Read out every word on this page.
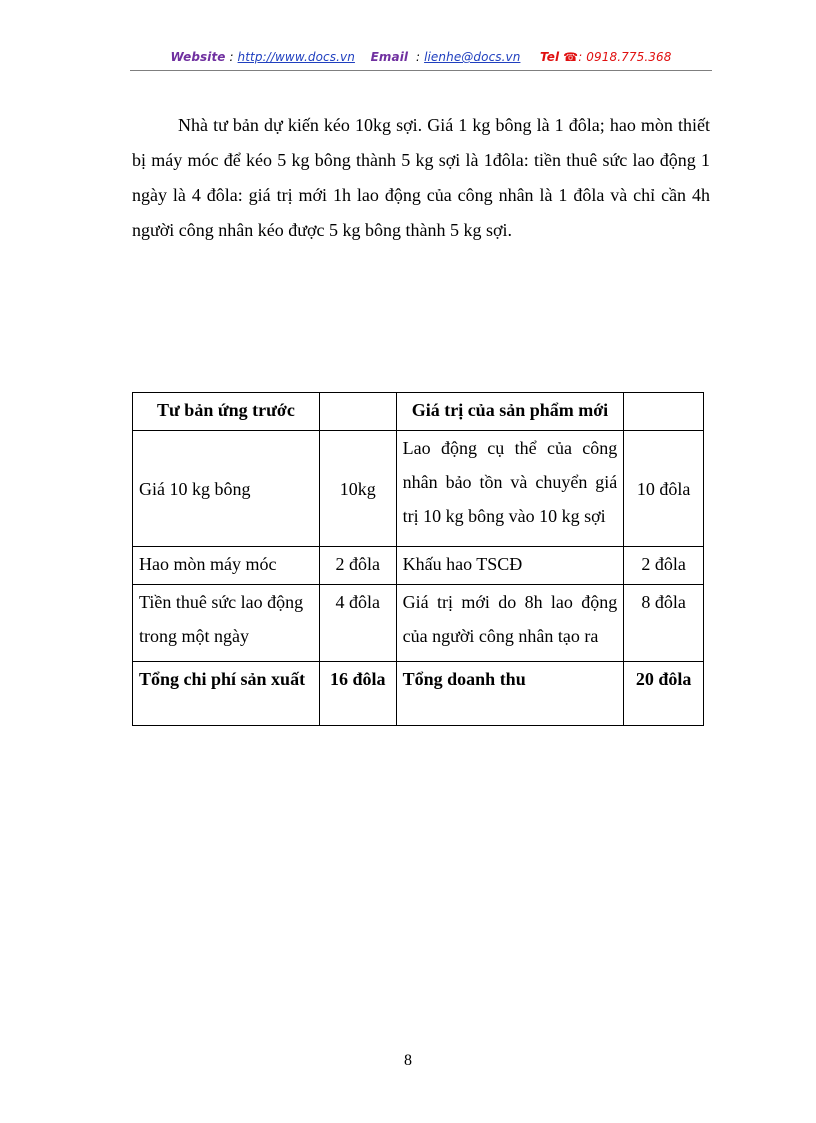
Website : http://www.docs.vn Email : lienhe@docs.vn Tel ☎: 0918.775.368

Nhà tư bản dự kiến kéo 10kg sợi. Giá 1 kg bông là 1 đôla; hao mòn thiết bị máy móc để kéo 5 kg bông thành 5 kg sợi là 1đôla: tiền thuê sức lao động 1 ngày là 4 đôla: giá trị mới 1h lao động của công nhân là 1 đôla và chỉ cần 4h người công nhân kéo được 5 kg bông thành 5 kg sợi.

Tư bản ứng trước		Giá trị của sản phẩm mới	
Giá 10 kg bông	10kg	Lao động cụ thể của công nhân bảo tồn và chuyển giá trị 10 kg bông vào 10 kg sợi	10 đôla
Hao mòn máy móc	2 đôla	Khấu hao TSCĐ	2 đôla
Tiền thuê sức lao động trong một ngày	4 đôla	Giá trị mới do 8h lao động của người công nhân tạo ra	8 đôla
Tổng chi phí sản xuất	16 đôla	Tổng doanh thu	20 đôla
8
